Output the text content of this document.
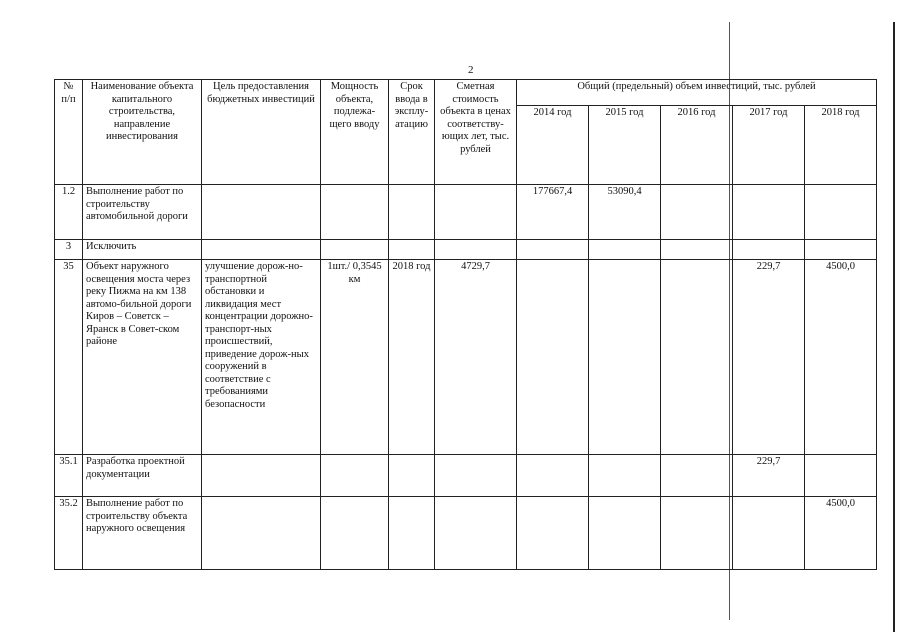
2
№ п/п	Наименование объекта капитального строительства, направление инвестирования	Цель предоставления бюджетных инвестиций	Мощность объекта, подлежа-щего вводу	Срок ввода в эксплу-атацию	Сметная стоимость объекта в ценах соответству-ющих лет, тыс. рублей	Общий (предельный) объем инвестиций, тыс. рублей				
						2014 год	2015 год	2016 год	2017 год	2018 год
1.2	Выполнение работ по строительству автомобильной дороги					177667,4	53090,4			
3	Исключить									
35	Объект наружного освещения моста через реку Пижма на км 138 автомо-бильной дороги Киров – Советск – Яранск в Совет-ском районе	улучшение дорож-но-транспортной обстановки и ликвидация мест концентрации дорожно-транспорт-ных происшествий, приведение дорож-ных сооружений в соответствие с требованиями безопасности	1шт./ 0,3545 км	2018 год	4729,7				229,7	4500,0
35.1	Разработка проектной документации								229,7	
35.2	Выполнение работ по строительству объекта наружного освещения									4500,0
